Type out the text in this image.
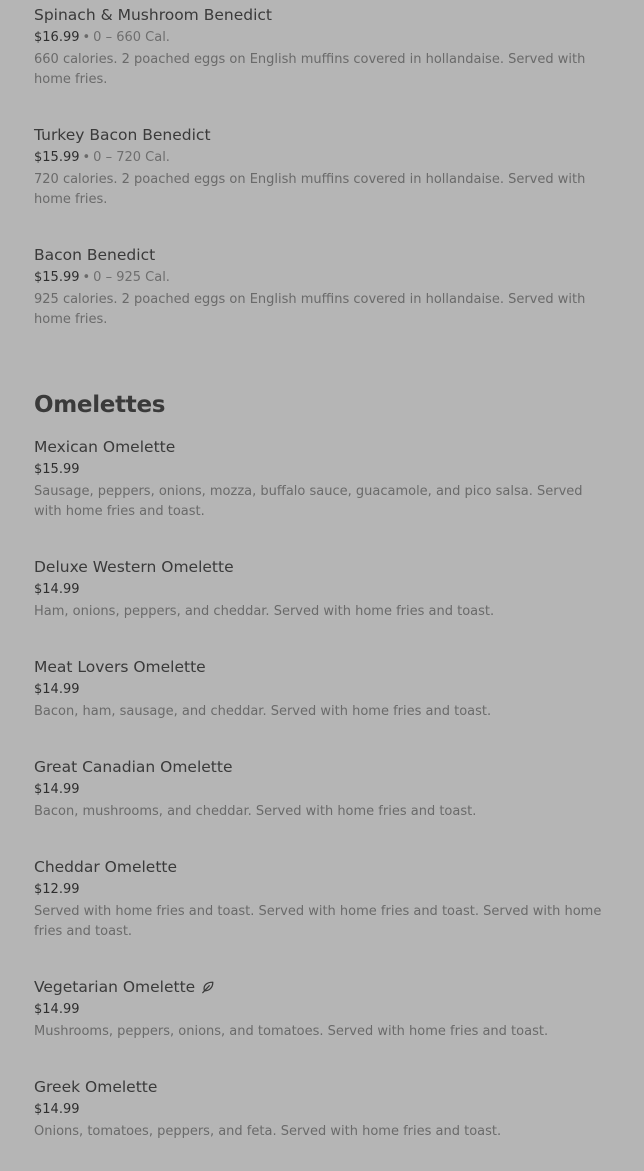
Spinach & Mushroom Benedict
$16.99 • 0 – 660 Cal.
660 calories. 2 poached eggs on English muffins covered in hollandaise. Served with home fries.
Turkey Bacon Benedict
$15.99 • 0 – 720 Cal.
720 calories. 2 poached eggs on English muffins covered in hollandaise. Served with home fries.
Bacon Benedict
$15.99 • 0 – 925 Cal.
925 calories. 2 poached eggs on English muffins covered in hollandaise. Served with home fries.
Omelettes
Mexican Omelette
$15.99
Sausage, peppers, onions, mozza, buffalo sauce, guacamole, and pico salsa. Served with home fries and toast.
Deluxe Western Omelette
$14.99
Ham, onions, peppers, and cheddar. Served with home fries and toast.
Meat Lovers Omelette
$14.99
Bacon, ham, sausage, and cheddar. Served with home fries and toast.
Great Canadian Omelette
$14.99
Bacon, mushrooms, and cheddar. Served with home fries and toast.
Cheddar Omelette
$12.99
Served with home fries and toast. Served with home fries and toast. Served with home fries and toast.
Vegetarian Omelette
$14.99
Mushrooms, peppers, onions, and tomatoes. Served with home fries and toast.
Greek Omelette
$14.99
Onions, tomatoes, peppers, and feta. Served with home fries and toast.
